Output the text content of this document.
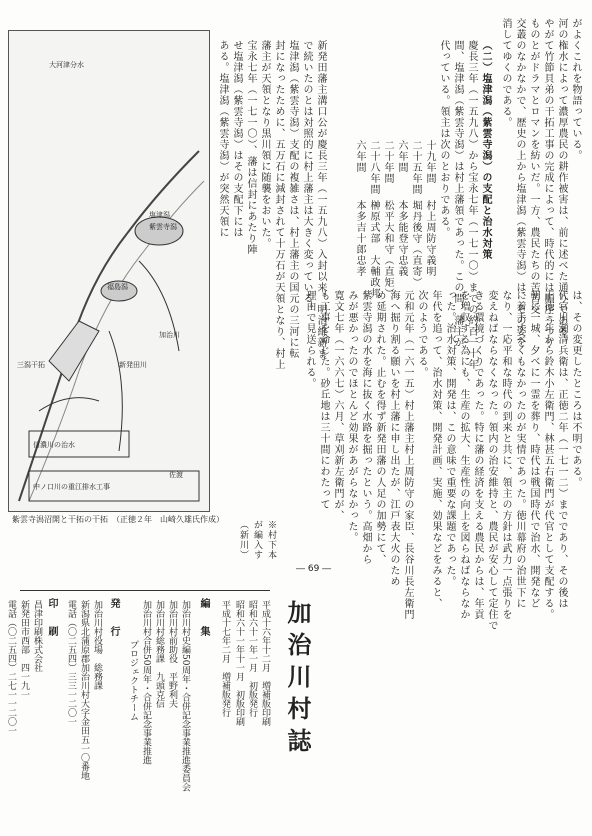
がよくこれを物語っている。

河の権水によって濃厚農民の耕作被害は、前に述べた通りである。

やがて竹節貝弟の干拓工事の完成によって、時代的には順序うつり

ものとがドラマとロマンを紡いだ。一方、農民たちの苦苦交

交叢のなかなかで、歴史の上から塩津潟（紫雲寺潟）は、その姿を

消してゆくのである。

（二）塩津潟（紫雲寺潟）の支配と治水対策

慶長三年（一五九八）から宝永七年（一七一〇）までの約百一十年

間、塩津潟（紫雲寺潟）は村上藩領であった。この間、藩主が

代っている。領主は次のとおりである。

十九年間

二十五年間

六年間

二十年間

二十八年間

六年間

村上周防守義明

堀丹後守（直寄）

本多能登守忠義

松平大和守（直矩）

榊原式部　大輔政邦

本多吉十郎忠孝

新発田藩主溝口公が慶長三年（一五九八）入封以来、明治維新ま

で続いたのとは対照的に村上藩主は大きく変っている。

塩津潟（紫雲寺潟）支配の複雑さは、村上藩主の国元の三河に転

封になったために、五万石に減封されて十万石が天領となり、村上

藩主が天領となり黒川領に随襲をおいた。

宝永七年（一七一〇）、藩は信封にあたり陣

せ塩津潟（紫雲寺潟）はその支配下には

ある。塩津潟（紫雲寺潟）が突然天領に

大河津分水
塩津潟
紫雲寺潟
福島潟
加治川
新発田川
三潟干拓
中ノ口川の重江排水工事
信濃川の治水
佐渡
紫雲寺潟沼開と干拓の干拓　（正徳２年　山崎久雄氏作成）

は、その変更したところは不明である。

代官川瀬清兵衛は、正徳二年（一七一二）までであり、その後は

正徳三年から鈴木小左衛門、林甚五右衛門が代官として支配する。

朝に一城、夕べに一霊を葬り、時代は戦国時代で治水、開発など

に着手すべくもなかったのが実情であった。徳川幕府の治世下に

なり、一応平和な時代の到来と共に、領主の方針は武力一点張りを

変えねばならなくなった。領内の治安維持と、農民が安心して定住で

きる環境づくりであった。特に藩の経済を支える農民からは、年貢

を増収する為にも、生産の拡大、生産性の向上を図らねばならなか

った。治水対策、開発は、この意味で重要な課題であった。

年代を追って、治水対策、開発計画、実施、効果などをみると、

次のようである。

元和元年（一六一五）村上藩主村上周防守の家臣、長谷川長左衛門

海へ掘り割る願いを村上藩に申し出たが、江戸表大火のため

め延期された。止むを得ず新発田藩の人足の加勢にて、

紫雲寺潟の水を海に抜く水路を掘ったという。高畑から

みが悪かったのでほとんど効果があがらなかった。

寛文七年（一六六七）六月、草刈新左衛門が、

も工事を命じた。砂丘地は三十間にわたって

理由で見送られる。

※村下本

が編入す

（新川）

― 69 ―
加治川村誌
昭和六十一年十一月　初版印刷 昭和六十一年一月　初版発行 平成十六年十二月　増補版印刷
平成十七年二月　増補版発行
編　集
加治川村史編50周年・合併記念事業推進委員会
加治川村前助役　平野利夫
加治川村総務課　九頭克信
加治川村合併50周年・合併記念事業推進
プロジェクトチーム
発　行
加治川村役場　総務課
新潟県北蒲原郡加治川村大字金田五一〇番地
電話（〇二五四）三三一二〇一
印　刷
昌津印刷株式会社
新発田市西部　四一九一
電話（〇二五四）二七一一二〇一
